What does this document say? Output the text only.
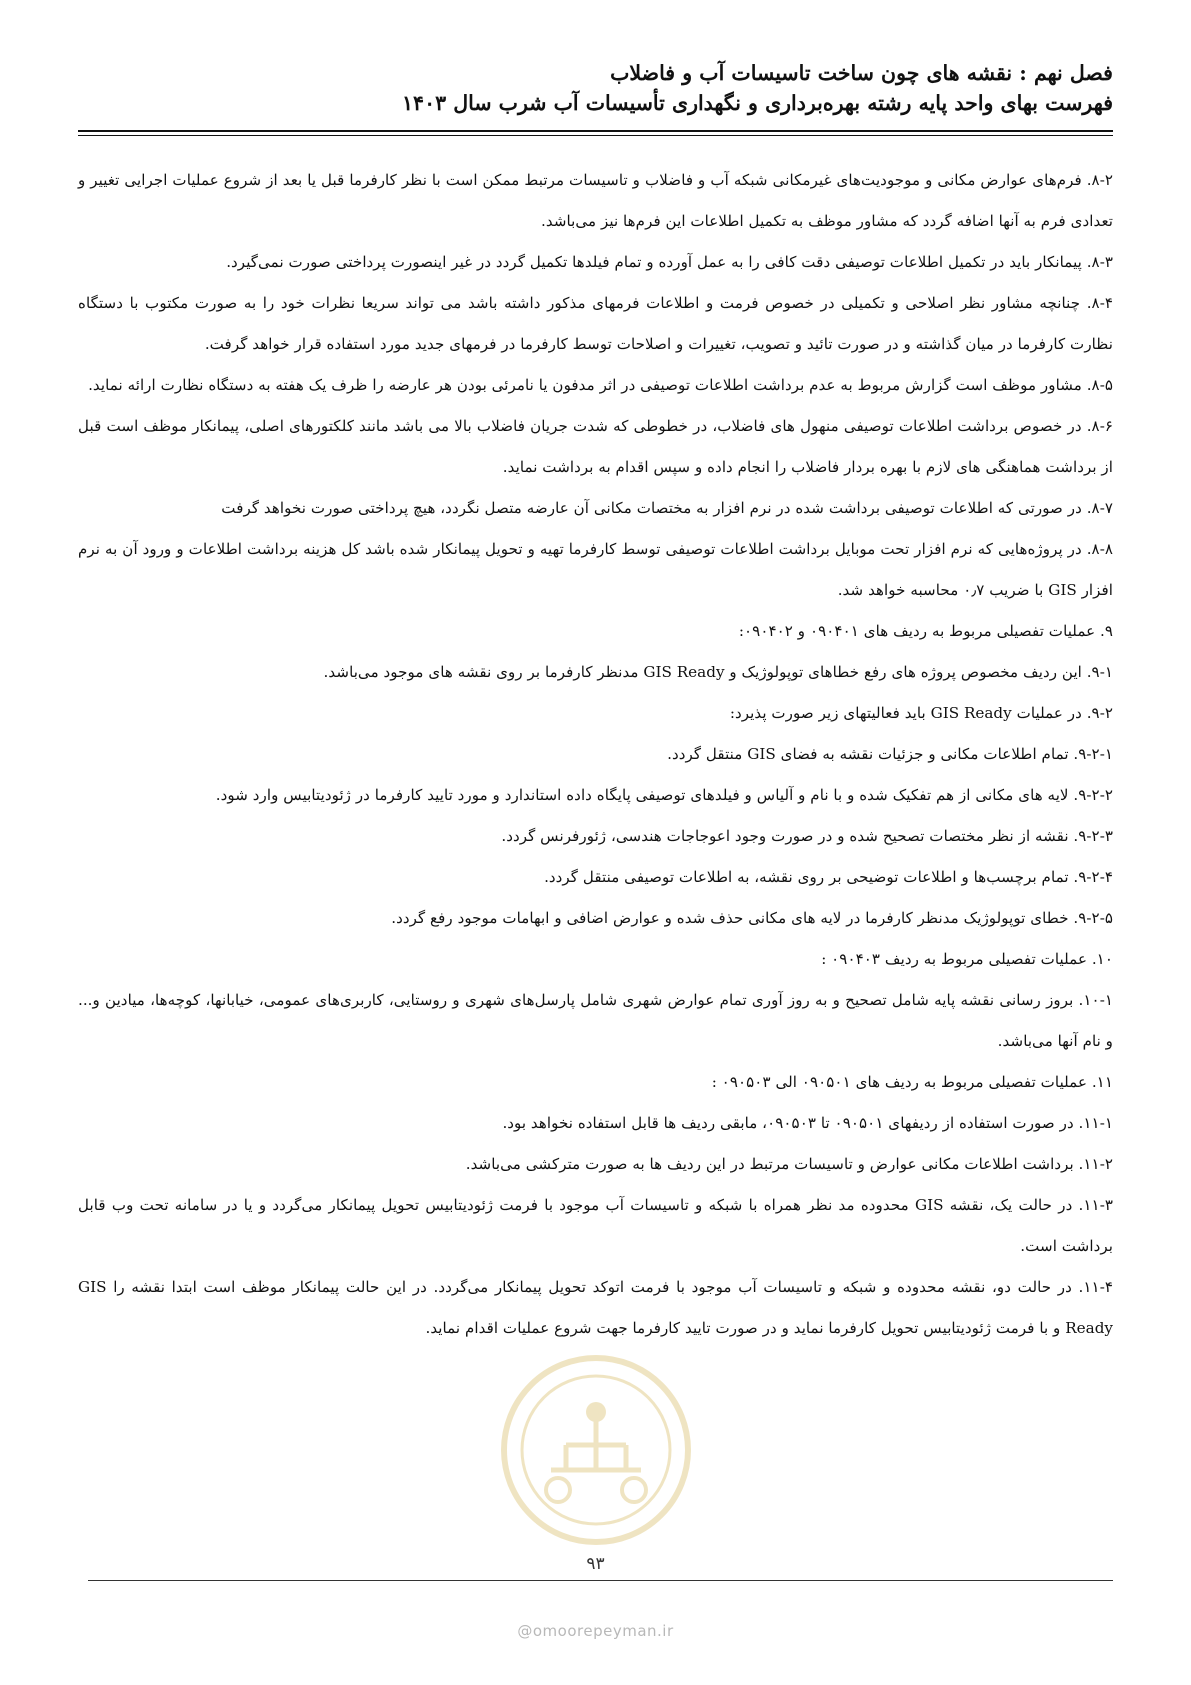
فصل نهم : نقشه های چون ساخت تاسیسات آب و فاضلاب
فهرست بهای واحد پایه رشته بهره‌برداری و نگهداری تأسیسات آب شرب سال ۱۴۰۳

۸-۲. فرم‌های عوارض مکانی و موجودیت‌های غیرمکانی شبکه آب و فاضلاب و تاسیسات مرتبط ممکن است با نظر کارفرما قبل یا بعد از شروع عملیات اجرایی تغییر و تعدادی فرم به آنها اضافه گردد که مشاور موظف به تکمیل اطلاعات این فرم‌ها نیز می‌باشد.

۸-۳. پیمانکار باید در تکمیل اطلاعات توصیفی دقت کافی را به عمل آورده و تمام فیلدها تکمیل گردد در غیر اینصورت پرداختی صورت نمی‌گیرد.

۸-۴. چنانچه مشاور نظر اصلاحی و تکمیلی در خصوص فرمت و اطلاعات فرمهای مذکور داشته باشد می تواند سریعا نظرات خود را به صورت مکتوب با دستگاه نظارت کارفرما در میان گذاشته و در صورت تائید و تصویب، تغییرات و اصلاحات توسط کارفرما در فرمهای جدید مورد استفاده قرار خواهد گرفت.

۸-۵. مشاور موظف است گزارش مربوط به عدم برداشت اطلاعات توصیفی در اثر مدفون یا نامرئی بودن هر عارضه را ظرف یک هفته به دستگاه نظارت ارائه نماید.

۸-۶. در خصوص برداشت اطلاعات توصیفی منهول های فاضلاب، در خطوطی که شدت جریان فاضلاب بالا می باشد مانند کلکتورهای اصلی، پیمانکار موظف است قبل از برداشت هماهنگی های لازم با بهره بردار فاضلاب را انجام داده و سپس اقدام به برداشت نماید.

۸-۷. در صورتی که اطلاعات توصیفی برداشت شده در نرم افزار به مختصات مکانی آن عارضه متصل نگردد، هیچ پرداختی صورت نخواهد گرفت

۸-۸. در پروژه‌هایی که نرم افزار تحت موبایل برداشت اطلاعات توصیفی توسط کارفرما تهیه و تحویل پیمانکار شده باشد کل هزینه برداشت اطلاعات و ورود آن به نرم افزار GIS با ضریب ۰٫۷ محاسبه خواهد شد.

۹. عملیات تفصیلی مربوط به ردیف های ۰۹۰۴۰۱ و ۰۹۰۴۰۲:

۹-۱. این ردیف مخصوص پروژه های رفع خطاهای توپولوژیک و GIS Ready مدنظر کارفرما بر روی نقشه های موجود می‌باشد.

۹-۲. در عملیات GIS Ready باید فعالیتهای زیر صورت پذیرد:

۹-۲-۱. تمام اطلاعات مکانی و جزئیات نقشه به فضای GIS منتقل گردد.

۹-۲-۲. لایه های مکانی از هم تفکیک شده و با نام و آلیاس و فیلدهای توصیفی پایگاه داده استاندارد و مورد تایید کارفرما در ژئودیتابیس وارد شود.

۹-۲-۳. نقشه از نظر مختصات تصحیح شده و در صورت وجود اعوجاجات هندسی، ژئورفرنس گردد.

۹-۲-۴. تمام برچسب‌ها و اطلاعات توضیحی بر روی نقشه، به اطلاعات توصیفی منتقل گردد.

۹-۲-۵. خطای توپولوژیک مدنظر کارفرما در لایه های مکانی حذف شده و عوارض اضافی و ابهامات موجود رفع گردد.

۱۰. عملیات تفصیلی مربوط به ردیف ۰۹۰۴۰۳ :

۱۰-۱. بروز رسانی نقشه پایه شامل تصحیح و به روز آوری تمام عوارض شهری شامل پارسل‌های شهری و روستایی، کاربری‌های عمومی، خیابانها، کوچه‌ها، میادین و... و نام آنها می‌باشد.

۱۱. عملیات تفصیلی مربوط به ردیف های ۰۹۰۵۰۱ الی ۰۹۰۵۰۳ :

۱۱-۱. در صورت استفاده از ردیفهای ۰۹۰۵۰۱ تا ۰۹۰۵۰۳، مابقی ردیف ها قابل استفاده نخواهد بود.

۱۱-۲. برداشت اطلاعات مکانی عوارض و تاسیسات مرتبط در این ردیف ها به صورت مترکشی می‌باشد.

۱۱-۳. در حالت یک، نقشه GIS محدوده مد نظر همراه با شبکه و تاسیسات آب موجود با فرمت ژئودیتابیس تحویل پیمانکار می‌گردد و یا در سامانه تحت وب قابل برداشت است.

۱۱-۴. در حالت دو، نقشه محدوده و شبکه و تاسیسات آب موجود با فرمت اتوکد تحویل پیمانکار می‌گردد. در این حالت پیمانکار موظف است ابتدا نقشه را GIS Ready و با فرمت ژئودیتابیس تحویل کارفرما نماید و در صورت تایید کارفرما جهت شروع عملیات اقدام نماید.

۹۳
@omoorepeyman.ir
